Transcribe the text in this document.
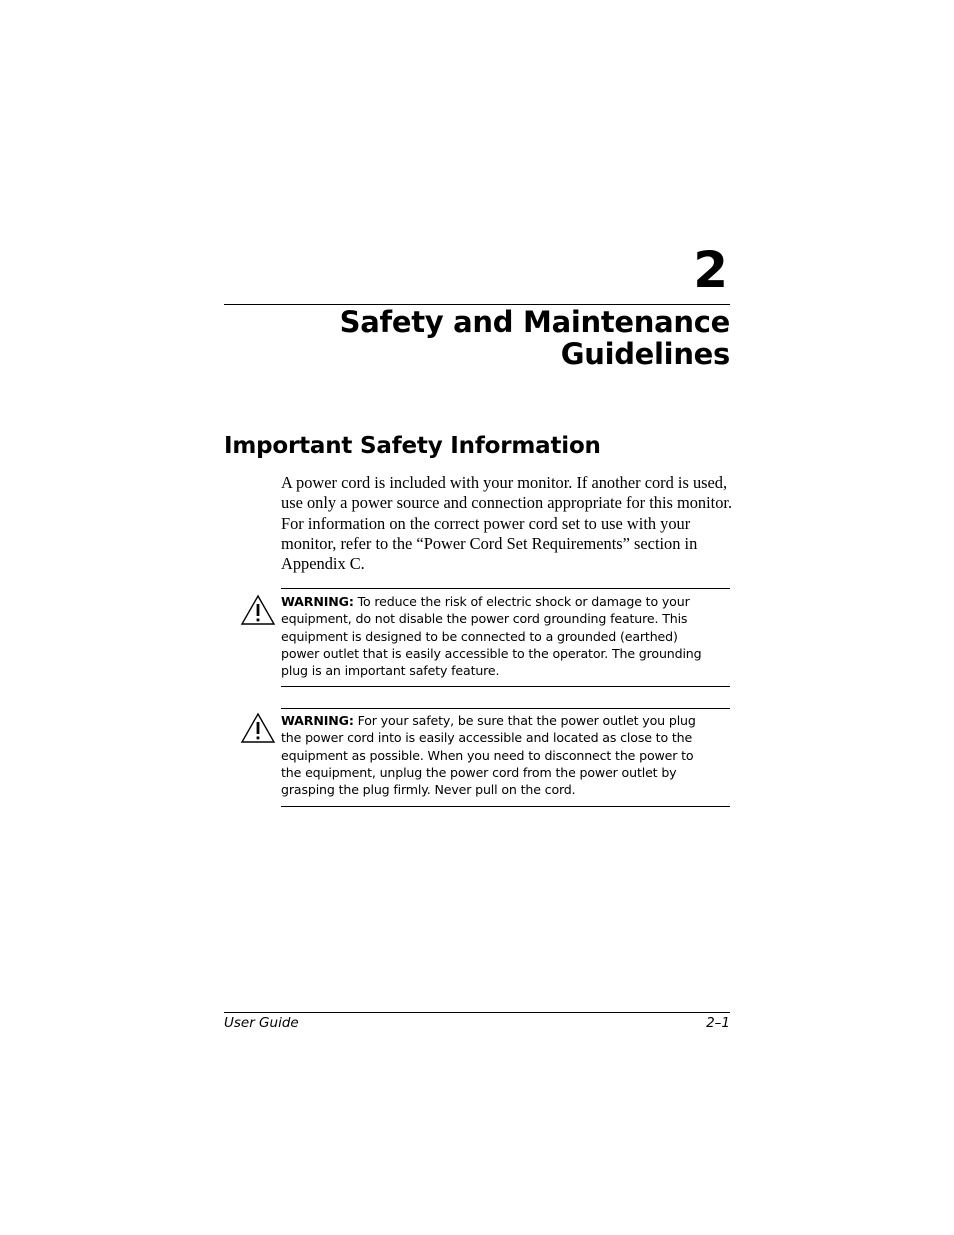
2
Safety and Maintenance
Guidelines
Important Safety Information

A power cord is included with your monitor. If another cord is used, use only a power source and connection appropriate for this monitor. For information on the correct power cord set to use with your monitor, refer to the “Power Cord Set Requirements” section in Appendix C.

WARNING: To reduce the risk of electric shock or damage to your equipment, do not disable the power cord grounding feature. This equipment is designed to be connected to a grounded (earthed) power outlet that is easily accessible to the operator. The grounding plug is an important safety feature.

WARNING: For your safety, be sure that the power outlet you plug the power cord into is easily accessible and located as close to the equipment as possible. When you need to disconnect the power to the equipment, unplug the power cord from the power outlet by grasping the plug firmly. Never pull on the cord.

User Guide	2–1
